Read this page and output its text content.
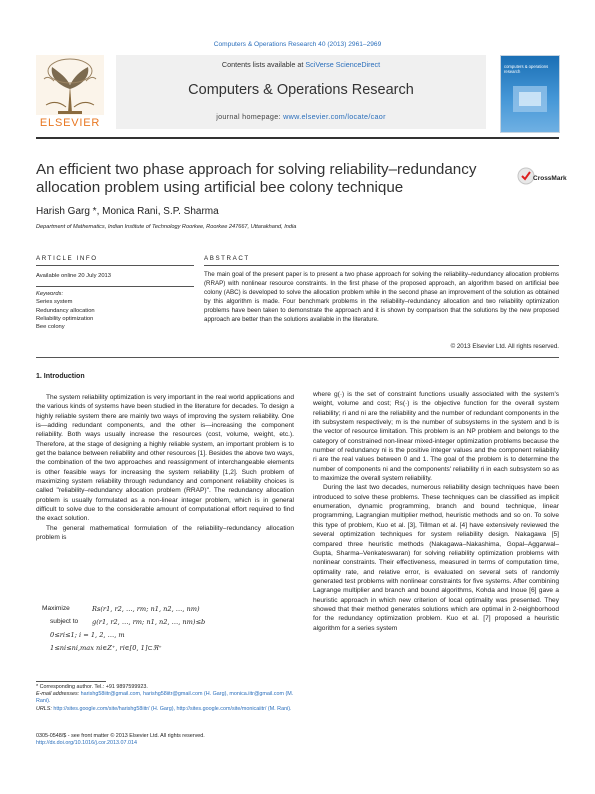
Computers & Operations Research 40 (2013) 2961–2969
Contents lists available at SciVerse ScienceDirect
Computers & Operations Research
journal homepage: www.elsevier.com/locate/caor
ELSEVIER
computers & operations research
An efficient two phase approach for solving reliability–redundancy allocation problem using artificial bee colony technique
CrossMark
Harish Garg *, Monica Rani, S.P. Sharma
Department of Mathematics, Indian Institute of Technology Roorkee, Roorkee 247667, Uttarakhand, India
ARTICLE INFO	ABSTRACT
Available online 20 July 2013
Keywords:
Series system
Redundancy allocation
Reliability optimization
Bee colony
The main goal of the present paper is to present a two phase approach for solving the reliability–redundancy allocation problems (RRAP) with nonlinear resource constraints. In the first phase of the proposed approach, an algorithm based on artificial bee colony (ABC) is developed to solve the allocation problem while in the second phase an improvement of the solution as obtained by this algorithm is made. Four benchmark problems in the reliability–redundancy allocation and two reliability optimization problems have been taken to demonstrate the approach and it is shown by comparison that the solutions by the new proposed approach are better than the solutions available in the literature.
© 2013 Elsevier Ltd. All rights reserved.
1. Introduction

The system reliability optimization is very important in the real world applications and the various kinds of systems have been studied in the literature for decades. To design a highly reliable system there are mainly two ways of improving the system reliability. One is—adding redundant components, and the other is—increasing the component reliability. Both ways usually increase the resources (cost, volume, weight, etc.). Therefore, at the stage of designing a highly reliable system, an important problem is to get the balance between reliability and other resources [1]. Besides the above two ways, the combination of the two approaches and reassignment of interchangeable elements is other feasible ways for increasing the system reliability [1,2]. Such problem of maximizing system reliability through redundancy and component reliability choices is called "reliability–redundancy allocation problem (RRAP)". The redundancy allocation problem is usually formulated as a non-linear integer problem, which is in general difficult to solve due to the considerable amount of computational effort required to find the exact solution.

The general mathematical formulation of the reliability–redundancy allocation problem is

Maximize	Rs(r1, r2, …, rm; n1, n2, …, nm)
subject to g(r1, r2, …, rm; n1, n2, …, nm)≤b
0≤ri≤1; i = 1, 2, …, m
1≤ni≤ni,max ni∈Z⁺, ri∈[0, 1]⊂ℜ⁺

where g(·) is the set of constraint functions usually associated with the system's weight, volume and cost; Rs(·) is the objective function for the overall system reliability; ri and ni are the reliability and the number of redundant components in the ith subsystem respectively; m is the number of subsystems in the system and b is the vector of resource limitation. This problem is an NP problem and belongs to the category of constrained non-linear mixed-integer optimization problems because the number of redundancy ni is the positive integer values and the component reliability ri are the real values between 0 and 1. The goal of the problem is to determine the number of components ni and the components' reliability ri in each subsystem so as to maximize the overall system reliability.

During the last two decades, numerous reliability design techniques have been introduced to solve these problems. These techniques can be classified as implicit enumeration, dynamic programming, branch and bound technique, linear programming, Lagrangian multiplier method, heuristic methods and so on. To solve this type of problem, Kuo et al. [3], Tillman et al. [4] have extensively reviewed the several optimization techniques for system reliability design. Nakagawa [5] compared three heuristic methods (Nakagawa–Nakashima, Gopal–Aggarwal–Gupta, Sharma–Venkateswaran) for solving reliability optimization problems with nonlinear constraints. Their effectiveness, measured in terms of computation time, optimality rate, and relative error, is evaluated on several sets of randomly generated test problems with nonlinear constraints for five systems. After combining Lagrange multiplier and branch and bound algorithms, Kohda and Inoue [6] gave a heuristic approach in which new criterion of local optimality was presented. They showed that their method generates solutions which are optimal in 2-neighborhood for the redundancy optimization problem. Kuo et al. [7] proposed a heuristic algorithm for a series system

* Corresponding author. Tel.: +91 9897599923.
E-mail addresses: harishg58iitr@gmail.com, harishg58iitr@gmail.com (H. Garg), monica.iitr@gmail.com (M. Rani).
URLS: http://sites.google.com/site/harishg58iitr/ (H. Garg), http://sites.google.com/site/monicaiitr/ (M. Rani).
0305-0548/$ - see front matter © 2013 Elsevier Ltd. All rights reserved.
http://dx.doi.org/10.1016/j.cor.2013.07.014
